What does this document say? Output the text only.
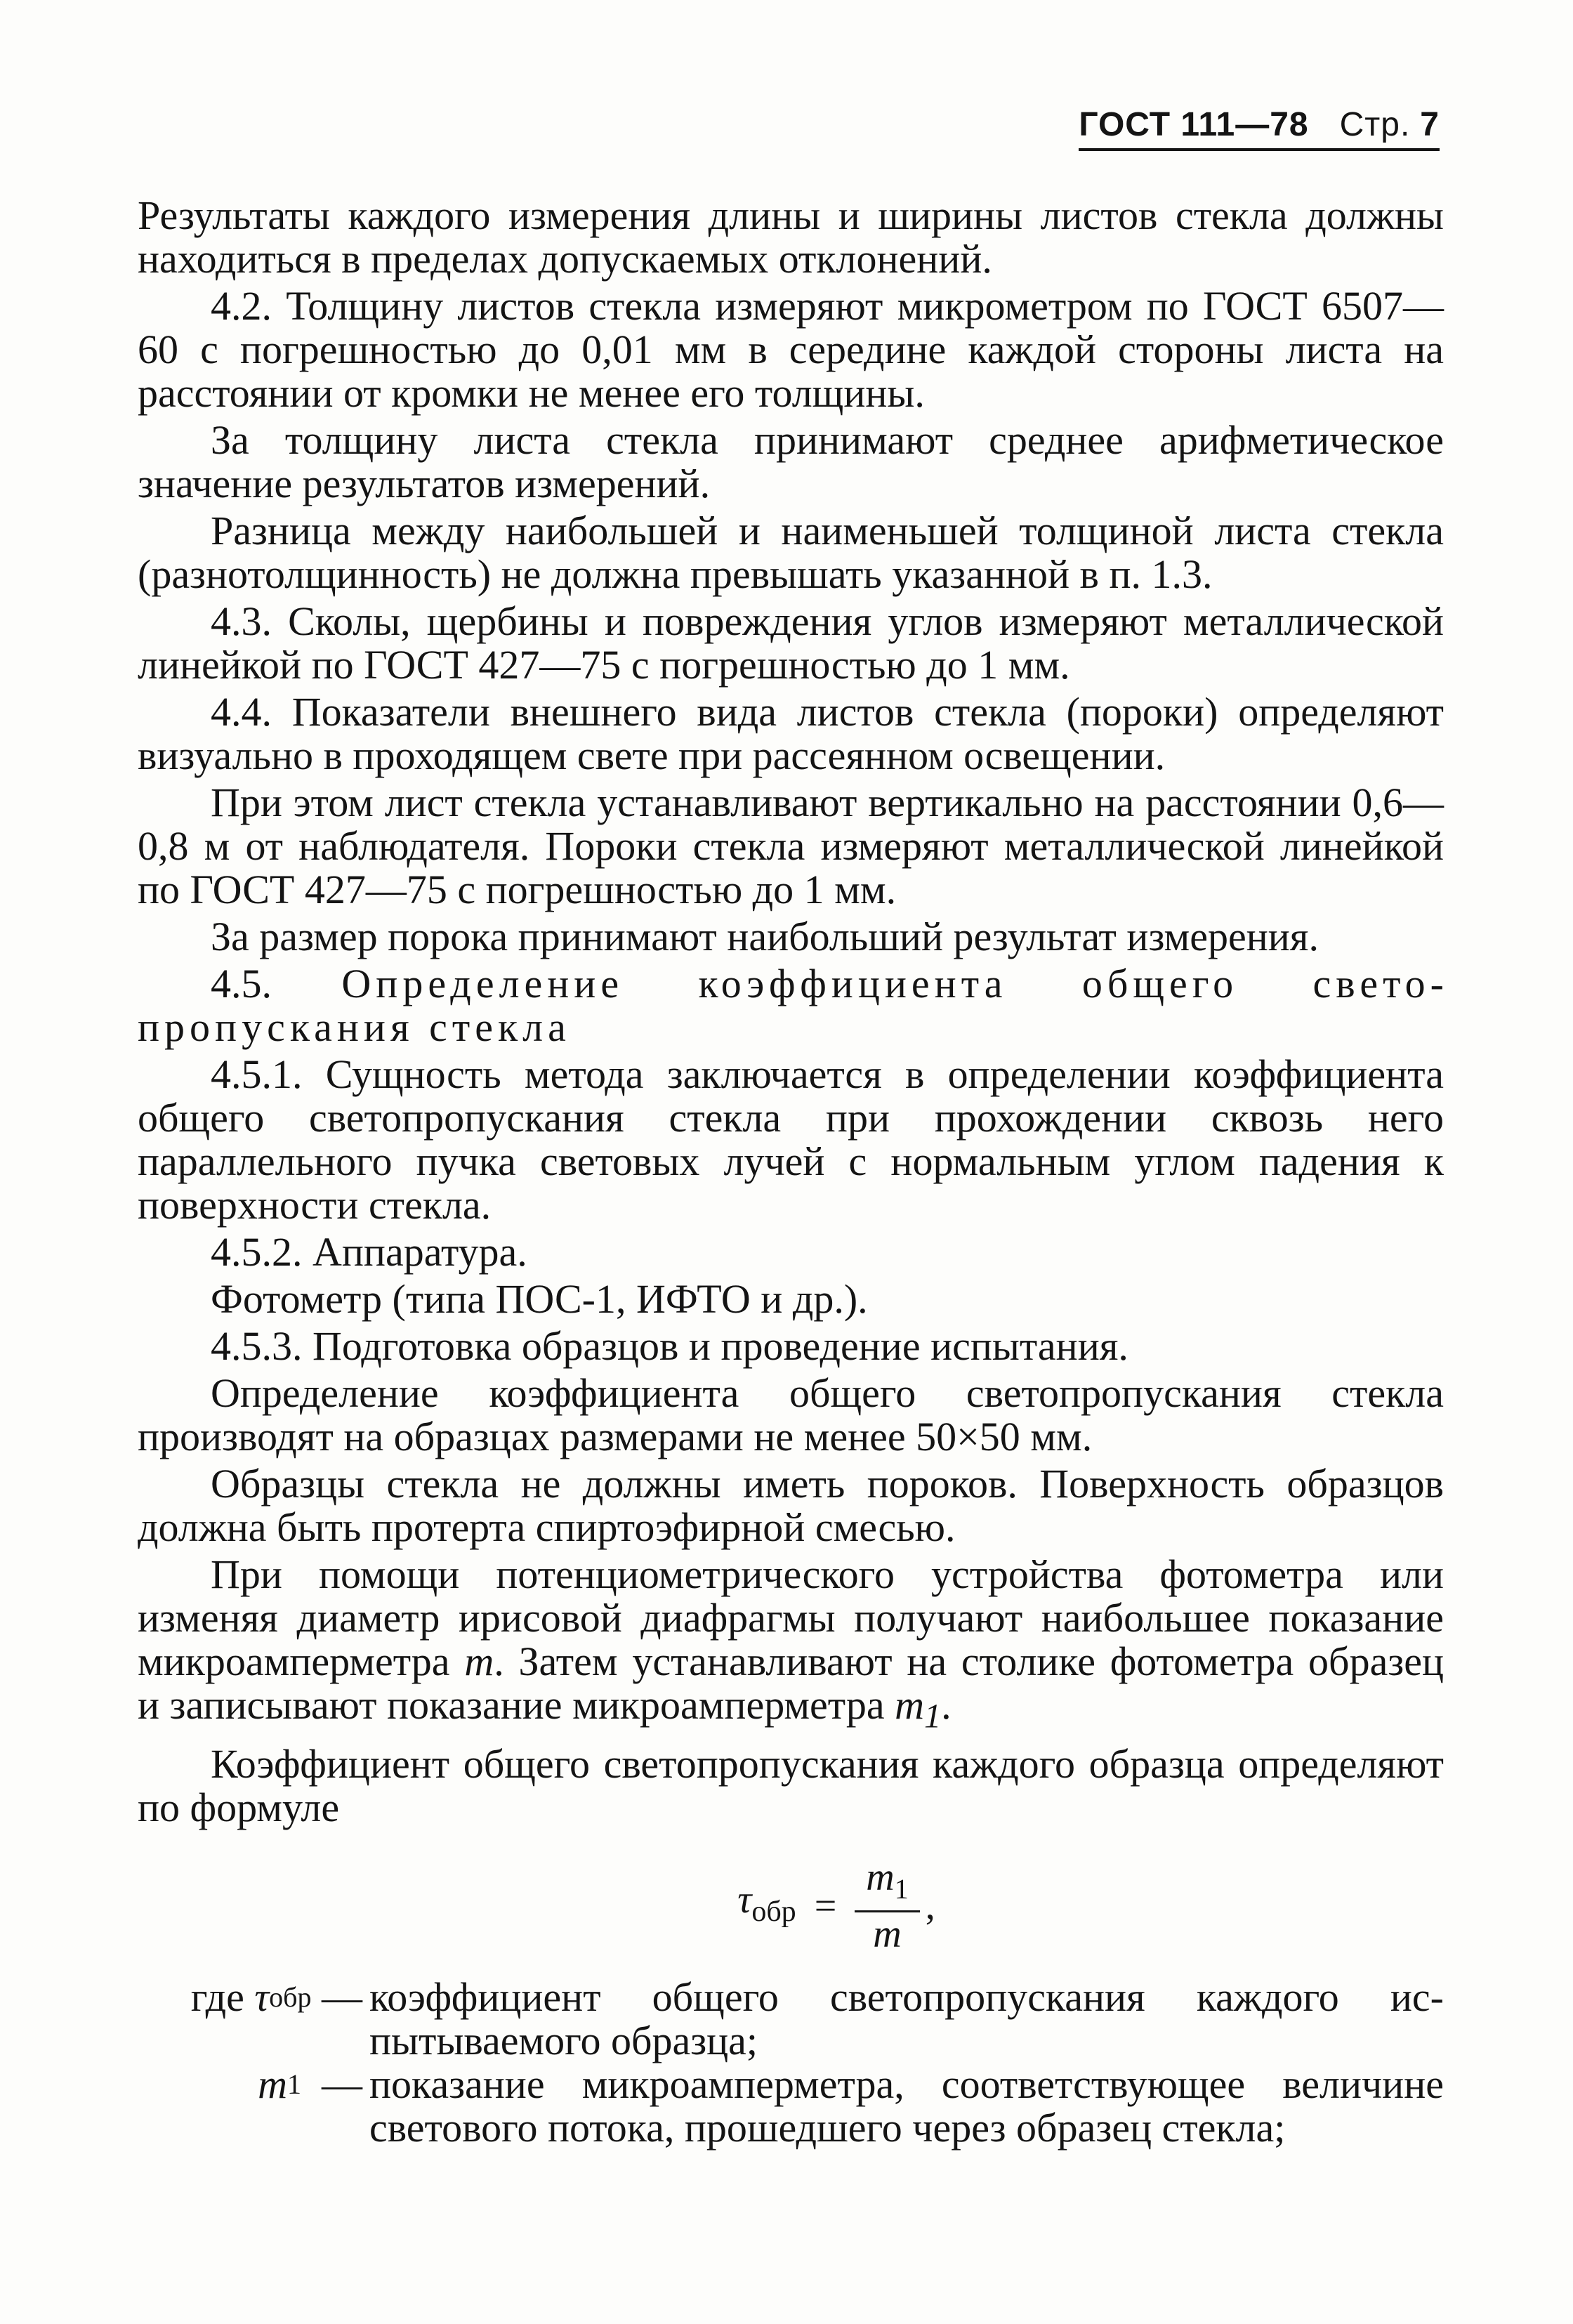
ГОСТ 111—78 Стр. 7

Результаты каждого измерения длины и ширины листов стекла должны находиться в пределах допускаемых отклонений.

4.2. Толщину листов стекла измеряют микрометром по ГОСТ 6507—60 с погрешностью до 0,01 мм в середине каждой стороны листа на расстоянии от кромки не менее его толщины.

За толщину листа стекла принимают среднее арифметическое значение результатов измерений.

Разница между наибольшей и наименьшей толщиной листа стекла (разнотолщинность) не должна превышать указанной в п. 1.3.

4.3. Сколы, щербины и повреждения углов измеряют металлической линейкой по ГОСТ 427—75 с погрешностью до 1 мм.

4.4. Показатели внешнего вида листов стекла (пороки) определяют визуально в проходящем свете при рассеянном освещении.

При этом лист стекла устанавливают вертикально на расстоянии 0,6—0,8 м от наблюдателя. Пороки стекла измеряют металлической линейкой по ГОСТ 427—75 с погрешностью до 1 мм.

За размер порока принимают наибольший результат измерения.

4.5. Определение коэффициента общего светопропускания стекла

4.5.1. Сущность метода заключается в определении коэффициента общего светопропускания стекла при прохождении сквозь него параллельного пучка световых лучей с нормальным углом падения к поверхности стекла.

4.5.2. Аппаратура.

Фотометр (типа ПОС-1, ИФТО и др.).

4.5.3. Подготовка образцов и проведение испытания.

Определение коэффициента общего светопропускания стекла производят на образцах размерами не менее 50×50 мм.

Образцы стекла не должны иметь пороков. Поверхность образцов должна быть протерта спиртоэфирной смесью.

При помощи потенциометрического устройства фотометра или изменяя диаметр ирисовой диафрагмы получают наибольшее показание микроамперметра m. Затем устанавливают на столике фотометра образец и записывают показание микроамперметра $m_1$.

Коэффициент общего светопропускания каждого образца определяют по формуле

$\tau_{обр} = \frac{m_1}{m}$ ,
где
τ обр
— коэффициент общего светопропускания каждого испытываемого образца;
m 1
— показание микроамперметра, соответствующее величине светового потока, прошедшего через образец стекла;
